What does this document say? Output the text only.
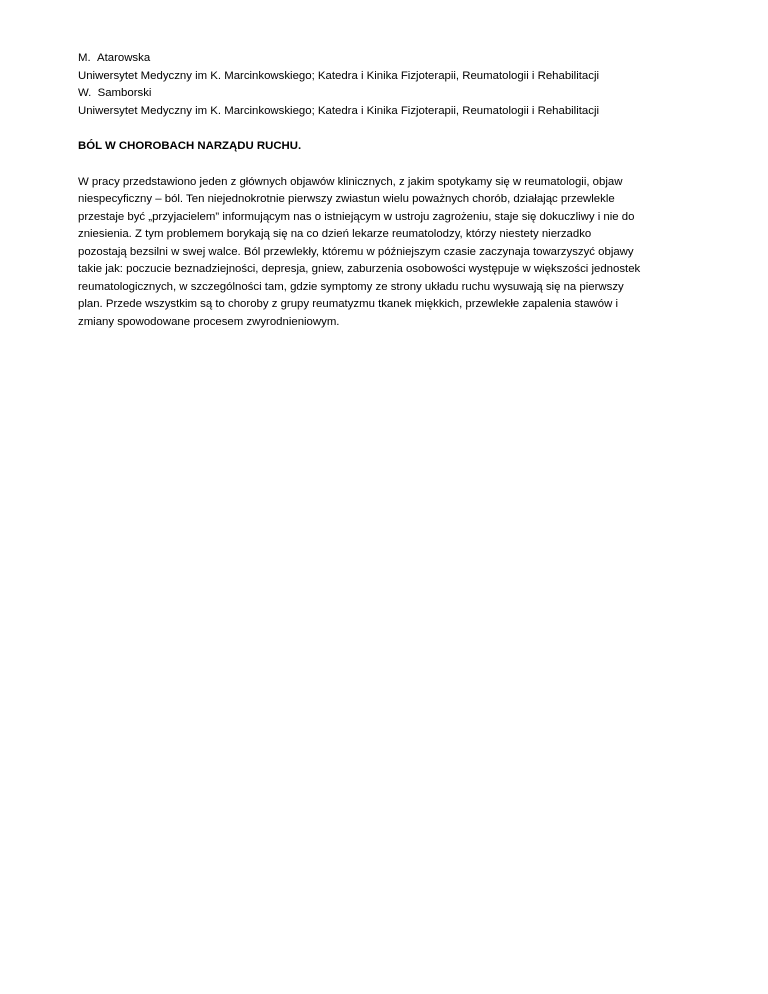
M.  Atarowska
Uniwersytet Medyczny im K. Marcinkowskiego; Katedra i Kinika Fizjoterapii, Reumatologii i Rehabilitacji
W.  Samborski
Uniwersytet Medyczny im K. Marcinkowskiego; Katedra i Kinika Fizjoterapii, Reumatologii i Rehabilitacji
BÓL W CHOROBACH NARZĄDU RUCHU.
W pracy przedstawiono jeden z głównych objawów klinicznych, z jakim spotykamy się w reumatologii, objaw
niespecyficzny – ból. Ten niejednokrotnie pierwszy zwiastun wielu poważnych chorób, działając przewlekle
przestaje być „przyjacielem” informującym nas o istniejącym w ustroju zagrożeniu, staje się dokuczliwy i nie do
zniesienia. Z tym problemem borykają się na co dzień lekarze reumatolodzy, którzy niestety nierzadko
pozostają bezsilni w swej walce. Ból przewlekły, któremu w późniejszym czasie zaczynaja towarzyszyć objawy
takie jak: poczucie beznadziejności, depresja, gniew, zaburzenia osobowości występuje w większości jednostek
reumatologicznych, w szczególności tam, gdzie symptomy ze strony układu ruchu wysuwają się na pierwszy
plan. Przede wszystkim są to choroby z grupy reumatyzmu tkanek miękkich, przewlekłe zapalenia stawów i
zmiany spowodowane procesem zwyrodnieniowym.
